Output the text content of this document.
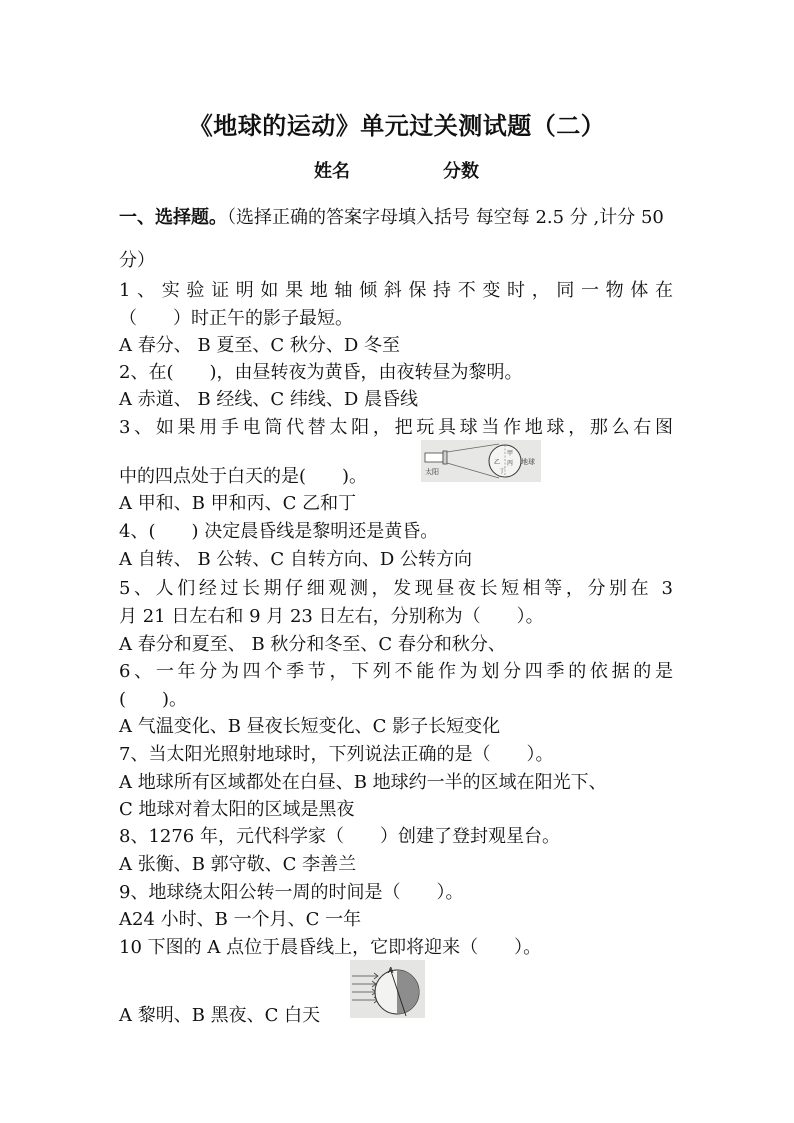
《地球的运动》单元过关测试题（二）
姓名	分数
一、选择题。（选择正确的答案字母填入括号 每空每 2.5 分 ,计分 50
分）
1、实验证明如果地轴倾斜保持不变时，同一物体在
（　　）时正午的影子最短。
A 春分、 B 夏至、C 秋分、D 冬至
2、在(　　)，由昼转夜为黄昏，由夜转昼为黎明。
A 赤道、 B 经线、C 纬线、D 晨昏线
3、如果用手电筒代替太阳，把玩具球当作地球，那么右图
中的四点处于白天的是(　　)。	太阳
地球
乙
甲
丙
丁
A 甲和、B 甲和丙、C 乙和丁
4、(　　) 决定晨昏线是黎明还是黄昏。
A 自转、 B 公转、C 自转方向、D 公转方向
5、人们经过长期仔细观测，发现昼夜长短相等，分别在 3
月 21 日左右和 9 月 23 日左右，分别称为（　　）。
A 春分和夏至、 B 秋分和冬至、C 春分和秋分、
6、一年分为四个季节，下列不能作为划分四季的依据的是
(　　)。
A 气温变化、B 昼夜长短变化、C 影子长短变化
7、当太阳光照射地球时，下列说法正确的是（　　）。
A 地球所有区域都处在白昼、B 地球约一半的区域在阳光下、
C 地球对着太阳的区域是黑夜
8、1276 年，元代科学家（　　）创建了登封观星台。
A 张衡、B 郭守敬、C 李善兰
9、地球绕太阳公转一周的时间是（　　）。
A24 小时、B 一个月、C 一年
10 下图的 A 点位于晨昏线上，它即将迎来（　　）。
A
A 黎明、B 黑夜、C 白天
